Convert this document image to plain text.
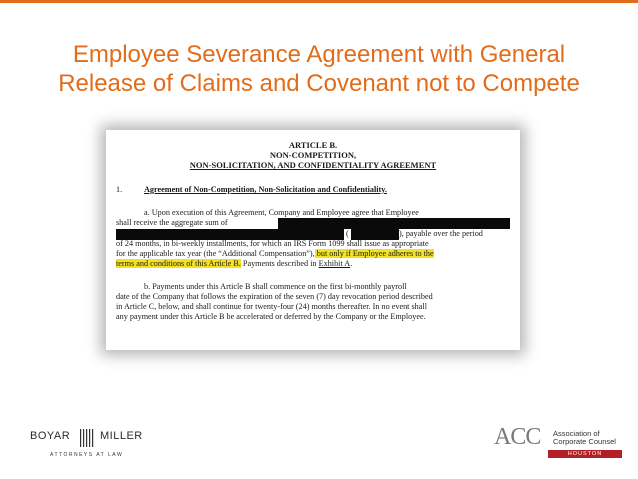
Employee Severance Agreement with General
Release of Claims and Covenant not to Compete
ARTICLE B.
NON-COMPETITION,
NON-SOLICITATION, AND CONFIDENTIALITY AGREEMENT
1.	Agreement of Non-Competition, Non-Solicitation and Confidentiality.
a. Upon execution of this Agreement, Company and Employee agree that Employee
shall receive the aggregate sum of
(	), payable over the period
of 24 months, in bi-weekly installments, for which an IRS Form 1099 shall issue as appropriate
for the applicable tax year (the “Additional Compensation”), but only if Employee adheres to the
terms and conditions of this Article B. Payments described in Exhibit A.
b. Payments under this Article B shall commence on the first bi-monthly payroll
date of the Company that follows the expiration of the seven (7) day revocation period described
in Article C, below, and shall continue for twenty-four (24) months thereafter. In no event shall
any payment under this Article B be accelerated or deferred by the Company or the Employee.
BOYAR	MILLER
ATTORNEYS AT LAW
ACC Association of
Corporate Counsel
HOUSTON
